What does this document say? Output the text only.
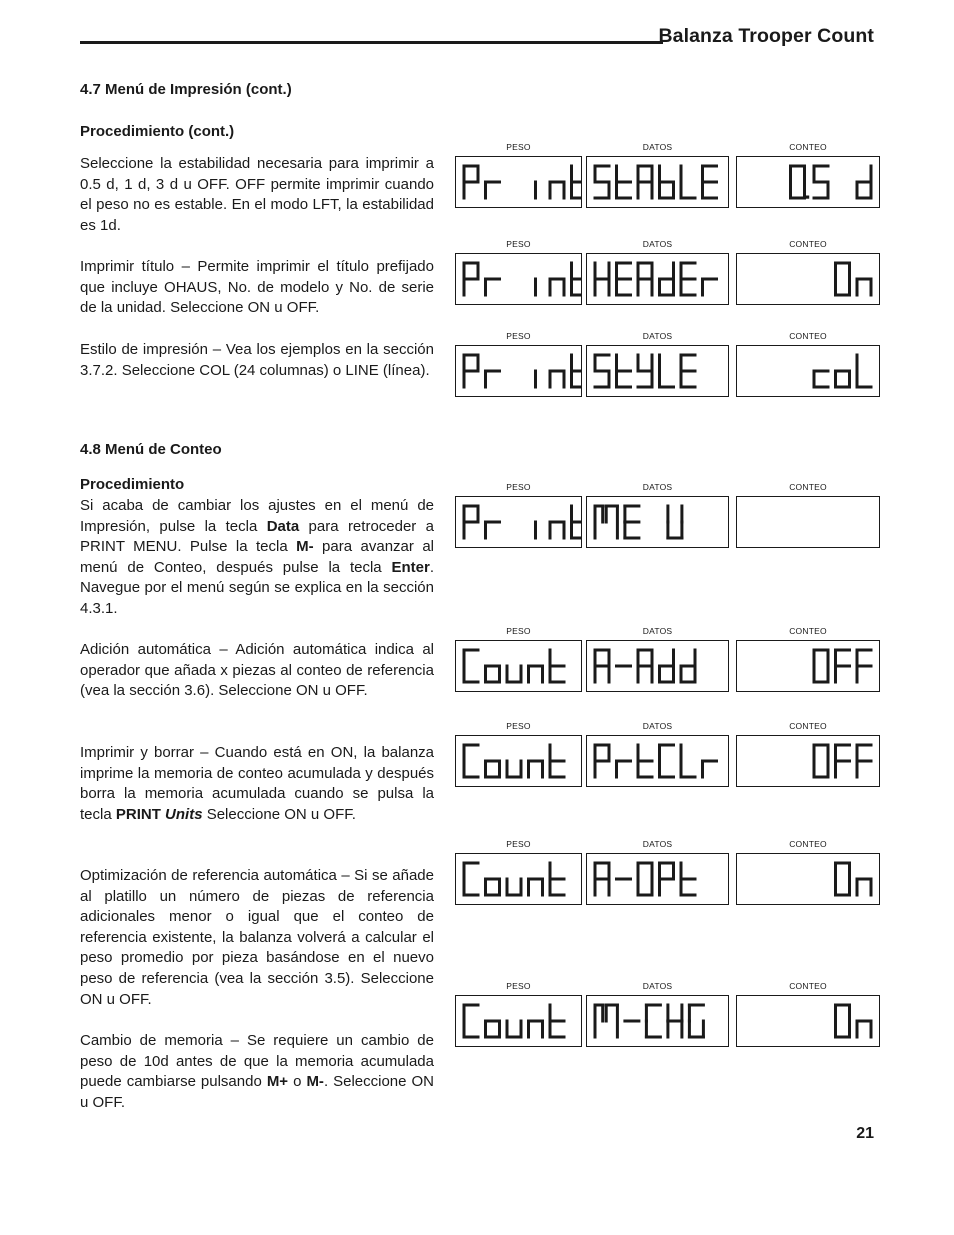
Balanza Trooper Count
4.7 Menú de Impresión (cont.)
Procedimiento (cont.)

Seleccione la estabilidad necesaria para imprimir a 0.5 d, 1 d, 3 d u OFF. OFF permite imprimir cuando el peso no es estable. En el modo LFT, la estabilidad es 1d.

Imprimir título – Permite imprimir el título prefijado que incluye OHAUS, No. de modelo y No. de serie de la unidad. Seleccione ON u OFF.

Estilo de impresión – Vea los ejemplos en la sección 3.7.2. Seleccione COL (24 columnas) o LINE (línea).

4.8 Menú de Conteo
Procedimiento

Si acaba de cambiar los ajustes en el menú de Impresión, pulse la tecla Data para retroceder a PRINT MENU. Pulse la tecla M- para avanzar al menú de Conteo, después pulse la tecla Enter. Navegue por el menú según se explica en la sección 4.3.1.

Adición automática – Adición automática indica al operador que añada x piezas al conteo de referencia (vea la sección 3.6). Seleccione ON u OFF.

Imprimir y borrar – Cuando está en ON, la balanza imprime la memoria de conteo acumulada y después borra la memoria acumulada cuando se pulsa la tecla PRINT Units Seleccione ON u OFF.

Optimización de referencia automática – Si se añade al platillo un número de piezas de referencia adicionales menor o igual que el conteo de referencia existente, la balanza volverá a calcular el peso promedio por pieza basándose en el nuevo peso de referencia (vea la sección 3.5). Seleccione ON u OFF.

Cambio de memoria – Se requiere un cambio de peso de 10d antes de que la memoria acumulada puede cambiarse pulsando M+ o M-. Seleccione ON u OFF.

PESO	DATOS	CONTEO
PESO	DATOS	CONTEO
PESO	DATOS	CONTEO
PESO	DATOS	CONTEO
PESO	DATOS	CONTEO
PESO	DATOS	CONTEO
PESO	DATOS	CONTEO
PESO	DATOS	CONTEO
21
